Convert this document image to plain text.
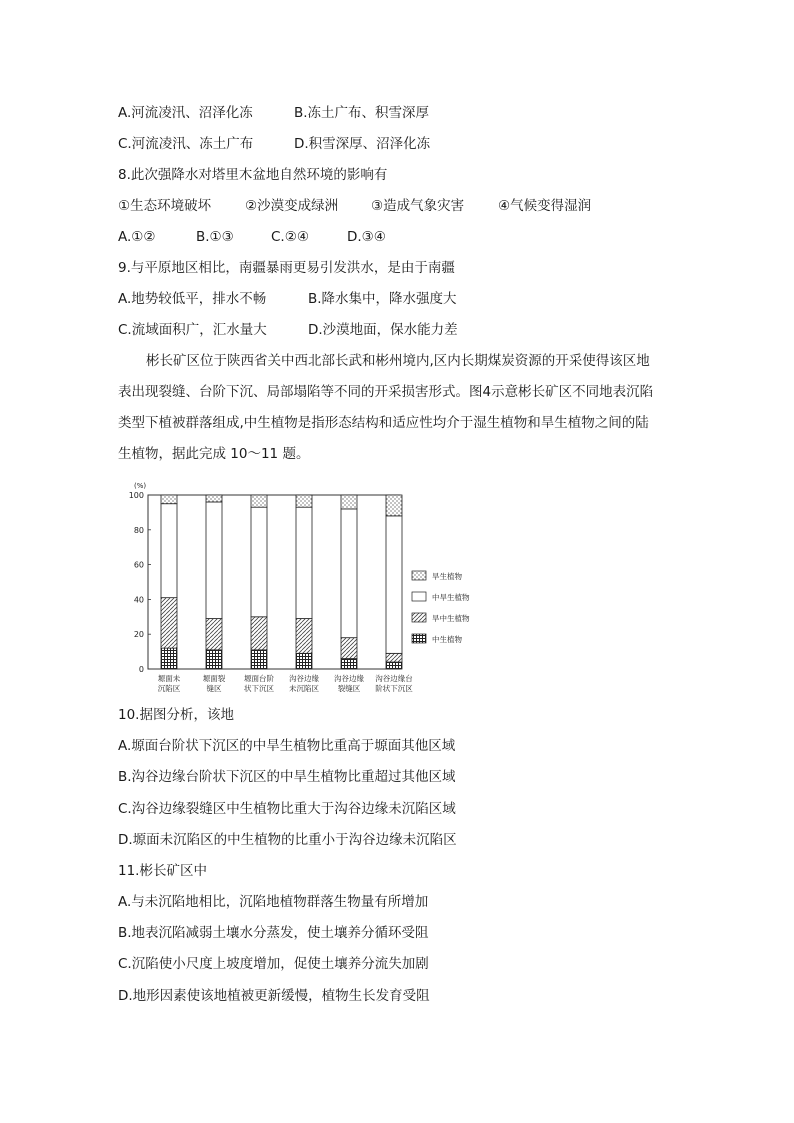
A.河流凌汛、沼泽化冻	B.冻土广布、积雪深厚
C.河流凌汛、冻土广布	D.积雪深厚、沼泽化冻
8.此次强降水对塔里木盆地自然环境的影响有
①生态环境破坏	②沙漠变成绿洲 ③造成气象灾害	④气候变得湿润
A.①②	B.①③	C.②④	D.③④
9.与平原地区相比，南疆暴雨更易引发洪水，是由于南疆
A.地势较低平，排水不畅	B.降水集中，降水强度大
C.流域面积广，汇水量大	D.沙漠地面，保水能力差
彬长矿区位于陕西省关中西北部长武和彬州境内,区内长期煤炭资源的开采使得该区地
表出现裂缝、台阶下沉、局部塌陷等不同的开采损害形式。图4示意彬长矿区不同地表沉陷
类型下植被群落组成,中生植物是指形态结构和适应性均介于湿生植物和旱生植物之间的陆
生植物，据此完成 10～11 题。
(%)
0
20
40
60
80
100
塬面未
沉陷区
塬面裂
缝区
塬面台阶
状下沉区
沟谷边缘
未沉陷区
沟谷边缘
裂缝区
沟谷边缘台
阶状下沉区
旱生植物
中旱生植物
旱中生植物
中生植物
10.据图分析，该地
A.塬面台阶状下沉区的中旱生植物比重高于塬面其他区域
B.沟谷边缘台阶状下沉区的中旱生植物比重超过其他区域
C.沟谷边缘裂缝区中生植物比重大于沟谷边缘未沉陷区域
D.塬面未沉陷区的中生植物的比重小于沟谷边缘未沉陷区
11.彬长矿区中
A.与未沉陷地相比，沉陷地植物群落生物量有所增加
B.地表沉陷减弱土壤水分蒸发，使土壤养分循环受阻
C.沉陷使小尺度上坡度增加，促使土壤养分流失加剧
D.地形因素使该地植被更新缓慢，植物生长发育受阻
